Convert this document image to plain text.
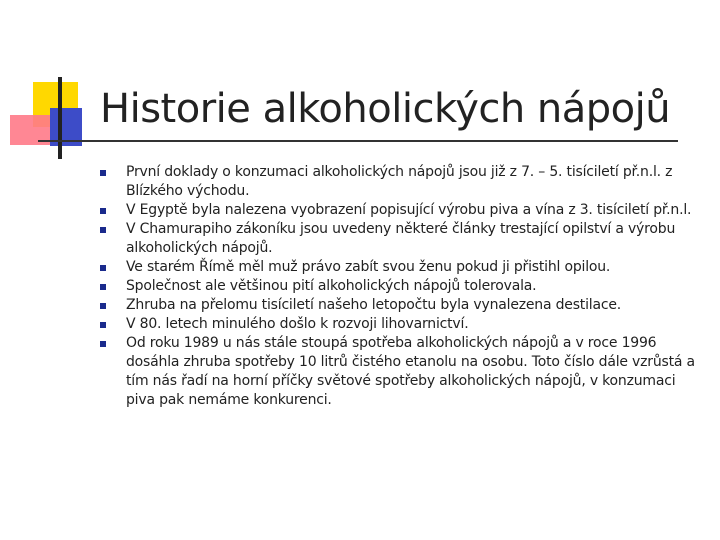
Historie alkoholických nápojů
První doklady o konzumaci alkoholických nápojů jsou již z 7. – 5. tisíciletí př.n.l. z Blízkého východu.
V Egyptě byla nalezena vyobrazení popisující výrobu piva a vína z 3. tisíciletí př.n.l.
V Chamurapiho zákoníku jsou uvedeny některé články trestající opilství a výrobu alkoholických nápojů.
Ve starém Římě měl muž právo zabít svou ženu pokud ji přistihl opilou.
Společnost ale většinou pití alkoholických nápojů tolerovala.
Zhruba na přelomu tisíciletí našeho letopočtu byla vynalezena destilace.
V 80. letech minulého došlo k rozvoji lihovarnictví.
Od roku 1989 u nás stále stoupá spotřeba alkoholických nápojů a v roce 1996 dosáhla zhruba spotřeby 10 litrů čistého etanolu na osobu. Toto číslo dále vzrůstá a tím nás řadí na horní příčky světové spotřeby alkoholických nápojů, v konzumaci piva pak nemáme konkurenci.
